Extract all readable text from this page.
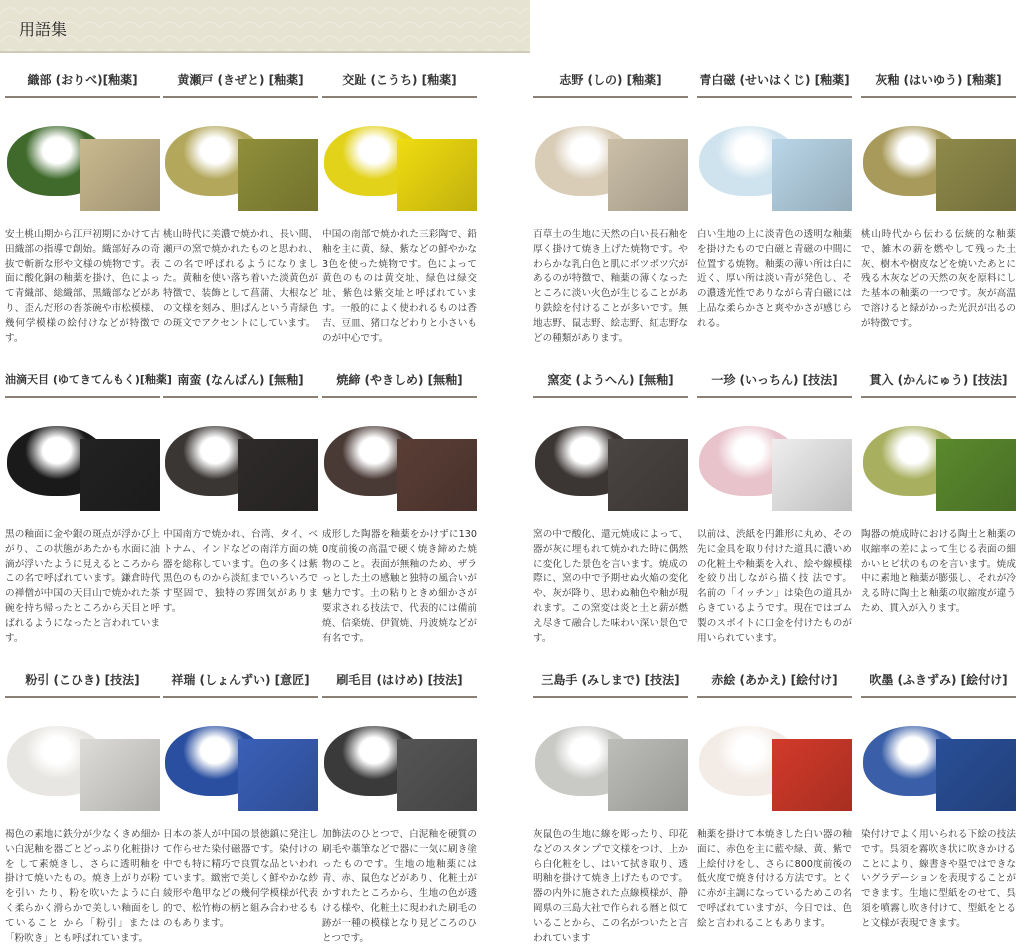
用語集
織部 (おりべ)[釉薬]
安土桃山期から江戸初期にかけて古田織部の指導で創始。織部好みの奇抜で斬新な形や文様の焼物です。表面に酸化銅の釉薬を掛け、色によって青織部、総織部、黒織部などがあり、歪んだ形の沓茶碗や市松模様、幾何学模様の絵付けなどが特徴です。
黄瀬戸 (きぜと) [釉薬]
桃山時代に美濃で焼かれ、長い間、瀬戸の窯で焼かれたものと思われ、この名で呼ばれるようになりました。黄釉を使い落ち着いた淡黄色が特徴で、装飾として菖蒲、大根などの文様を刻み、胆ばんという青緑色の斑文でアクセントにしています。
交趾 (こうち) [釉薬]
中国の南部で焼かれた三彩陶で、鉛釉を主に黄、緑、紫などの鮮やかな3色を使った焼物です。色によって黄色のものは黄交址、緑色は緑交址、紫色は紫交址と呼ばれています。一般的によく使われるものは香吉、豆皿、猪口などわりと小さいものが中心です。
志野 (しの) [釉薬]
百草土の生地に天然の白い長石釉を厚く掛けて焼き上げた焼物です。やわらかな乳白色と肌にボツボツ穴があるのが特徴で、釉薬の薄くなったところに淡い火色が生じることがあり鉄絵を付けることが多いです。無地志野、鼠志野、絵志野、紅志野などの種類があります。
青白磁 (せいはくじ) [釉薬]
白い生地の上に淡青色の透明な釉薬を掛けたもので白磁と青磁の中間に位置する焼物。釉薬の薄い所は白に近く、厚い所は淡い青が発色し、その濃透光性でありながら青白磁には上品な柔らかさと爽やかさが感じられる。
灰釉 (はいゆう) [釉薬]
桃山時代から伝わる伝統的な釉薬で、雑木の薪を燃やして残った土灰、樹木や樹皮などを焼いたあとに残る木灰などの天然の灰を原料にした基本の釉薬の一つです。灰が高温で溶けると緑がかった光沢が出るのが特徴です。
油滴天目 (ゆてきてんもく)[釉薬]
黒の釉面に金や銀の斑点が浮かび上がり、この状態があたかも水面に油滴が浮いたように見えるところからこの名で呼ばれています。鎌倉時代の禅僧が中国の天目山で焼かれた茶碗を持ち帰ったところから天目と呼ばれるようになったと言われています。
南蛮 (なんばん) [無釉]
中国南方で焼かれ、台湾、タイ、ベトナム、インドなどの南洋方面の焼器を総称しています。色の多くは紫黒色のものから淡紅までいろいろです堅固で、独特の雰囲気があります。
焼締 (やきしめ) [無釉]
成形した陶器を釉薬をかけずに1300度前後の高温で硬く焼き締めた焼物のこと。表面が無釉のため、ザラっとした土の感触と独特の風合いが魅力です。土の粘りときめ細かさが要求される技法で、代表的には備前焼、信楽焼、伊賀焼、丹波焼などが有名です。
窯変 (ようへん) [無釉]
窯の中で酸化、還元焼成によって、器が灰に埋もれて焼かれた時に偶然に変化した景色を言います。焼成の際に、窯の中で予期せぬ火焔の変化や、灰が降り、思わぬ釉色や釉が現れます。この窯変は炎と土と薪が燃え尽きて融合した味わい深い景色です。
一珍 (いっちん) [技法]
以前は、渋紙を円錐形に丸め、その先に金具を取り付けた道具に濃いめの化粧土や釉薬を入れ、絵や線模様を絞り出しながら描く技 法です。名前の「イッチン」は染色の道具からきているようです。現在ではゴム製のスポイトに口金を付けたものが用いられています。
貫入 (かんにゅう) [技法]
陶器の焼成時における陶土と釉薬の収縮率の差によって生じる表面の細かいヒビ状のものを言います。焼成中に素地と釉薬が膨張し、それが冷える時に陶土と釉薬の収縮度が違うため、貫入が入ります。
粉引 (こひき) [技法]
褐色の素地に鉄分が少なくきめ細かい白泥釉を器ごとどっぷり化粧掛けを して素焼きし、さらに透明釉を掛けて焼いたもの。焼き上がりが粉を引い たり、粉を吹いたように白く柔らかく滑らかで美しい釉面をしていること から「粉引」または「粉吹き」とも呼ばれています。
祥瑞 (しょんずい) [意匠]
日本の茶人が中国の景徳鎮に発注して作らせた染付磁器です。染付けの中でも特に精巧で良質な品といわれています。緻密で美しく鮮やかな紗綾形や亀甲などの幾何学模様が代表的で、松竹梅の柄と組み合わせるものもあります。
刷毛目 (はけめ) [技法]
加飾法のひとつで、白泥釉を硬質の刷毛や藁筆などで器に一気に刷き塗ったものです。生地の地釉薬には青、赤、鼠色などがあり、化粧土がかすれたところから、生地の色が透ける様や、化粧土に現われた刷毛の跡が一種の模様となり見どころのひとつです。
三島手 (みしまで) [技法]
灰鼠色の生地に線を彫ったり、印花などのスタンプで文様をつけ、上から白化粧をし、はいて拭き取り、透明釉を掛けて焼き上げたものです。器の内外に施された点線模様が、静岡県の三島大社で作られる暦と似ていることから、この名がついたと言われています
赤絵 (あかえ) [絵付け]
釉薬を掛けて本焼きした白い器の釉面に、赤色を主に藍や緑、黄、紫で上絵付けをし、さらに800度前後の低火度で焼き付ける方法です。とくに赤が主調になっているためこの名で呼ばれていますが、今日では、色絵と言われることもあります。
吹墨 (ふきずみ) [絵付け]
染付けでよく用いられる下絵の技法です。呉須を霧吹き状に吹きかけることにより、線書きや塁ではできないグラデーションを表現することができます。生地に型紙をのせて、呉須を噴霧し吹き付けて、型紙をとると文様が表現できます。
